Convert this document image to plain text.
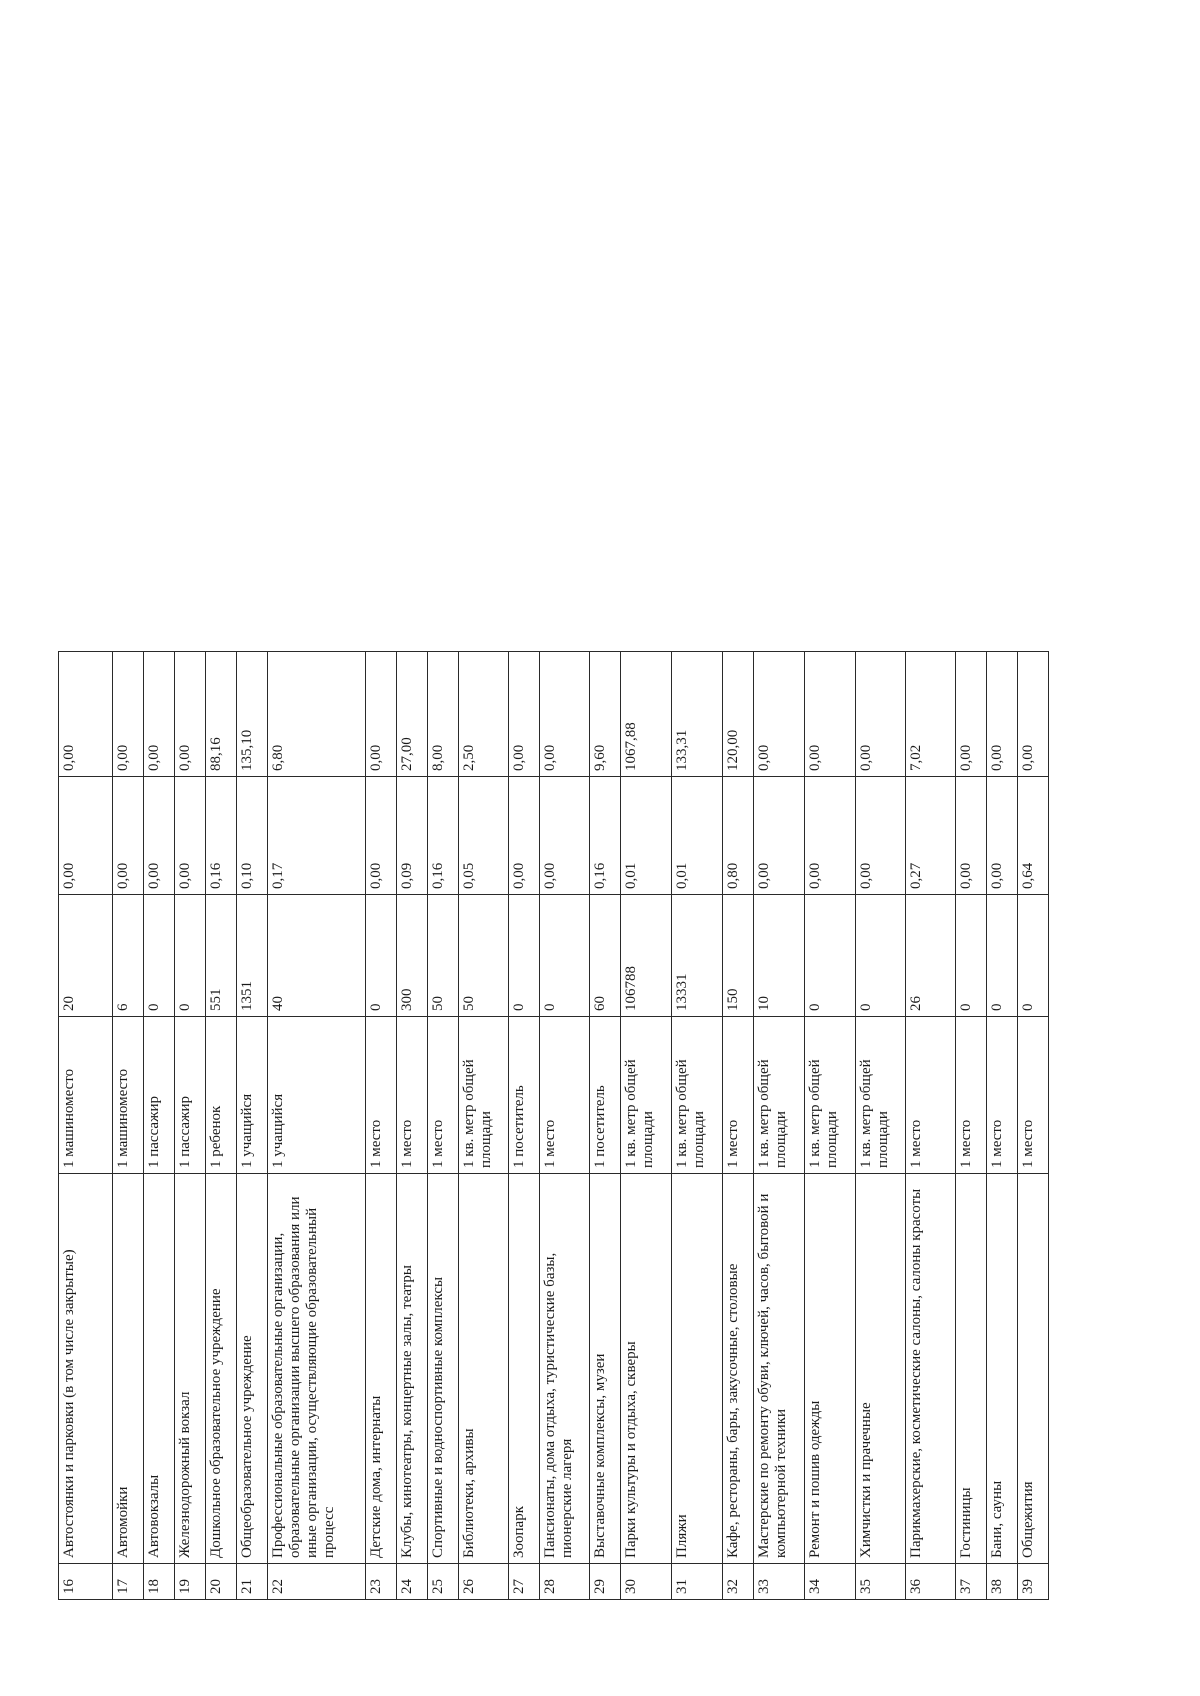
16	Автостоянки и парковки (в том числе закрытые)	1 машиноместо	20	0,00	0,00	
17	Автомойки	1 машиноместо	6	0,00	0,00	
18	Автовокзалы	1 пассажир	0	0,00	0,00	
19	Железнодорожный вокзал	1 пассажир	0	0,00	0,00	
20	Дошкольное образовательное учреждение	1 ребенок	551	0,16	88,16	
21	Общеобразовательное учреждение	1 учащийся	1351	0,10	135,10	
22	Профессиональные образовательные организации, образовательные организации высшего образования или иные организации, осуществляющие образовательный процесс	1 учащийся	40	0,17	6,80	
23	Детские дома, интернаты	1 место	0	0,00	0,00	
24	Клубы, кинотеатры, концертные залы, театры	1 место	300	0,09	27,00	
25	Спортивные и водноспортивные комплексы	1 место	50	0,16	8,00	
26	Библиотеки, архивы	1 кв. метр общей площади	50	0,05	2,50	
27	Зоопарк	1 посетитель	0	0,00	0,00	
28	Пансионаты, дома отдыха, туристические базы, пионерские лагеря	1 место	0	0,00	0,00	
29	Выставочные комплексы, музеи	1 посетитель	60	0,16	9,60	
30	Парки культуры и отдыха, скверы	1 кв. метр общей площади	106788	0,01	1067,88	
31	Пляжи	1 кв. метр общей площади	13331	0,01	133,31	
32	Кафе, рестораны, бары, закусочные, столовые	1 место	150	0,80	120,00	
33	Мастерские по ремонту обуви, ключей, часов, бытовой и компьютерной техники	1 кв. метр общей площади	10	0,00	0,00	
34	Ремонт и пошив одежды	1 кв. метр общей площади	0	0,00	0,00	
35	Химчистки и прачечные	1 кв. метр общей площади	0	0,00	0,00	
36	Парикмахерские, косметические салоны, салоны красоты	1 место	26	0,27	7,02	
37	Гостиницы	1 место	0	0,00	0,00	
38	Бани, сауны	1 место	0	0,00	0,00	
39	Общежития	1 место	0	0,64	0,00	
